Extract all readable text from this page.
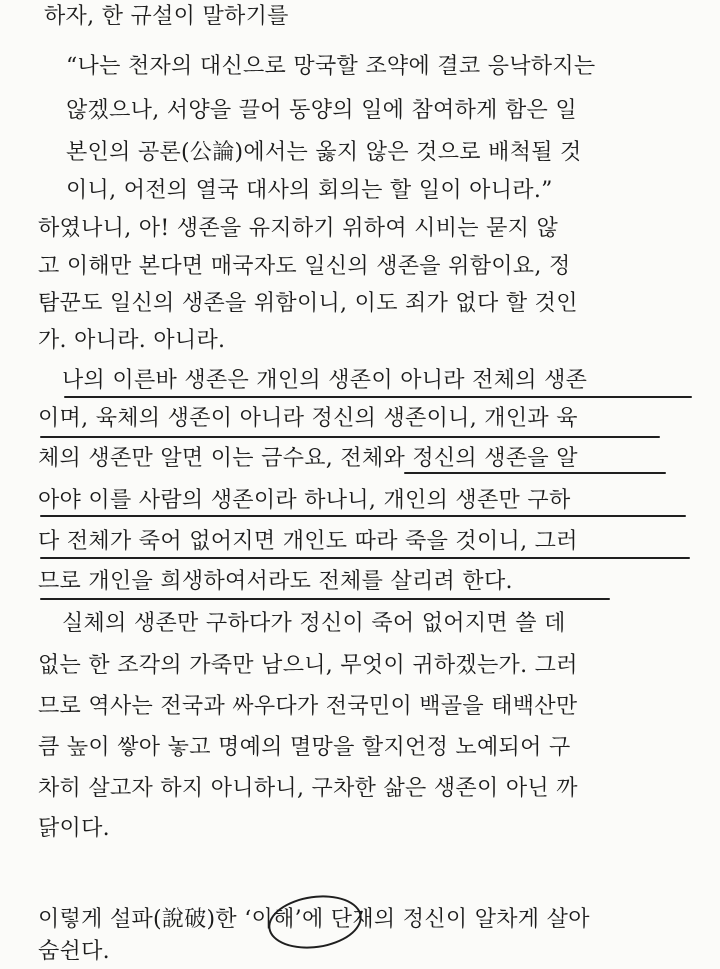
하자, 한 규설이 말하기를
“나는 천자의 대신으로 망국할 조약에 결코 응낙하지는
않겠으나, 서양을 끌어 동양의 일에 참여하게 함은 일
본인의 공론(公論)에서는 옳지 않은 것으로 배척될 것
이니, 어전의 열국 대사의 회의는 할 일이 아니라.”
하였나니, 아! 생존을 유지하기 위하여 시비는 묻지 않
고 이해만 본다면 매국자도 일신의 생존을 위함이요, 정
탐꾼도 일신의 생존을 위함이니, 이도 죄가 없다 할 것인
가. 아니라. 아니라.
나의 이른바 생존은 개인의 생존이 아니라 전체의 생존
이며, 육체의 생존이 아니라 정신의 생존이니, 개인과 육
체의 생존만 알면 이는 금수요, 전체와 정신의 생존을 알
아야 이를 사람의 생존이라 하나니, 개인의 생존만 구하
다 전체가 죽어 없어지면 개인도 따라 죽을 것이니, 그러
므로 개인을 희생하여서라도 전체를 살리려 한다.
실체의 생존만 구하다가 정신이 죽어 없어지면 쓸 데
없는 한 조각의 가죽만 남으니, 무엇이 귀하겠는가. 그러
므로 역사는 전국과 싸우다가 전국민이 백골을 태백산만
큼 높이 쌓아 놓고 명예의 멸망을 할지언정 노예되어 구
차히 살고자 하지 아니하니, 구차한 삶은 생존이 아닌 까
닭이다.
이렇게 설파(說破)한 ‘이해’에 단재의 정신이 알차게 살아
숨쉰다.
